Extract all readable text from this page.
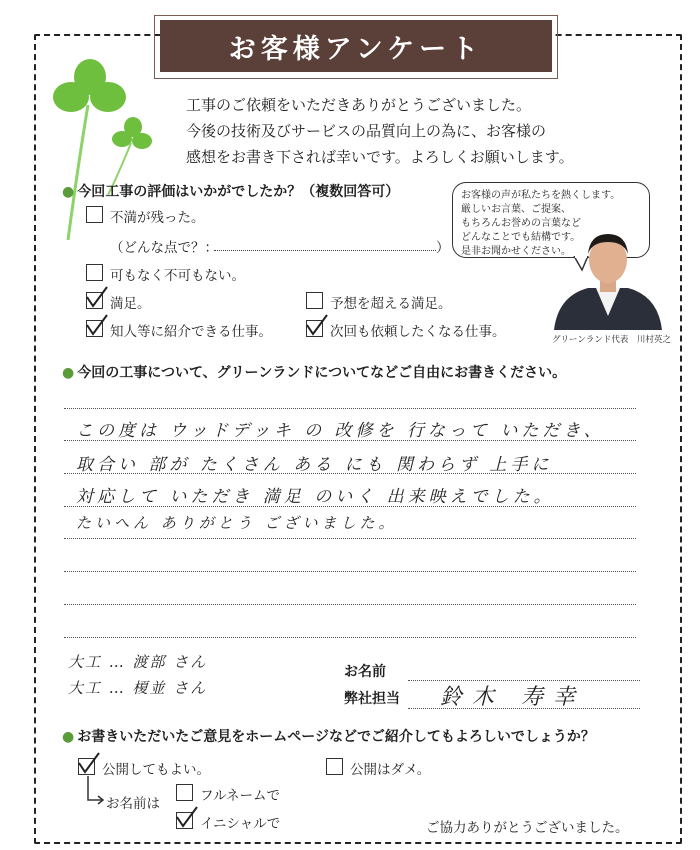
お客様アンケート
工事のご依頼をいただきありがとうございました。
今後の技術及びサービスの品質向上の為に、お客様の
感想をお書き下されば幸いです。よろしくお願いします。
● 今回工事の評価はいかがでしたか？（複数回答可）
不満が残った。
（どんな点で？：	）
可もなく不可もない。
満足。	予想を超える満足。
知人等に紹介できる仕事。	次回も依頼したくなる仕事。
お客様の声が私たちを熱くします。
厳しいお言葉、ご提案、
もちろんお誉めの言葉など
どんなことでも結構です。
是非お聞かせください。
グリーンランド代表　川村英之
● 今回の工事について、グリーンランドについてなどご自由にお書きください。
この度は ウッドデッキ の 改修を 行なって いただき、
取合い 部が たくさん ある にも 関わらず 上手に
対応して いただき 満足 のいく 出来映えでした。
たいへん ありがとう ございました。
大工 … 渡部 さん
大工 … 榎並 さん
お名前
弊社担当 鈴木 寿幸
● お書きいただいたご意見をホームページなどでご紹介してもよろしいでしょうか？
公開してもよい。	公開はダメ。
お名前は	フルネームで
イニシャルで	ご協力ありがとうございました。
